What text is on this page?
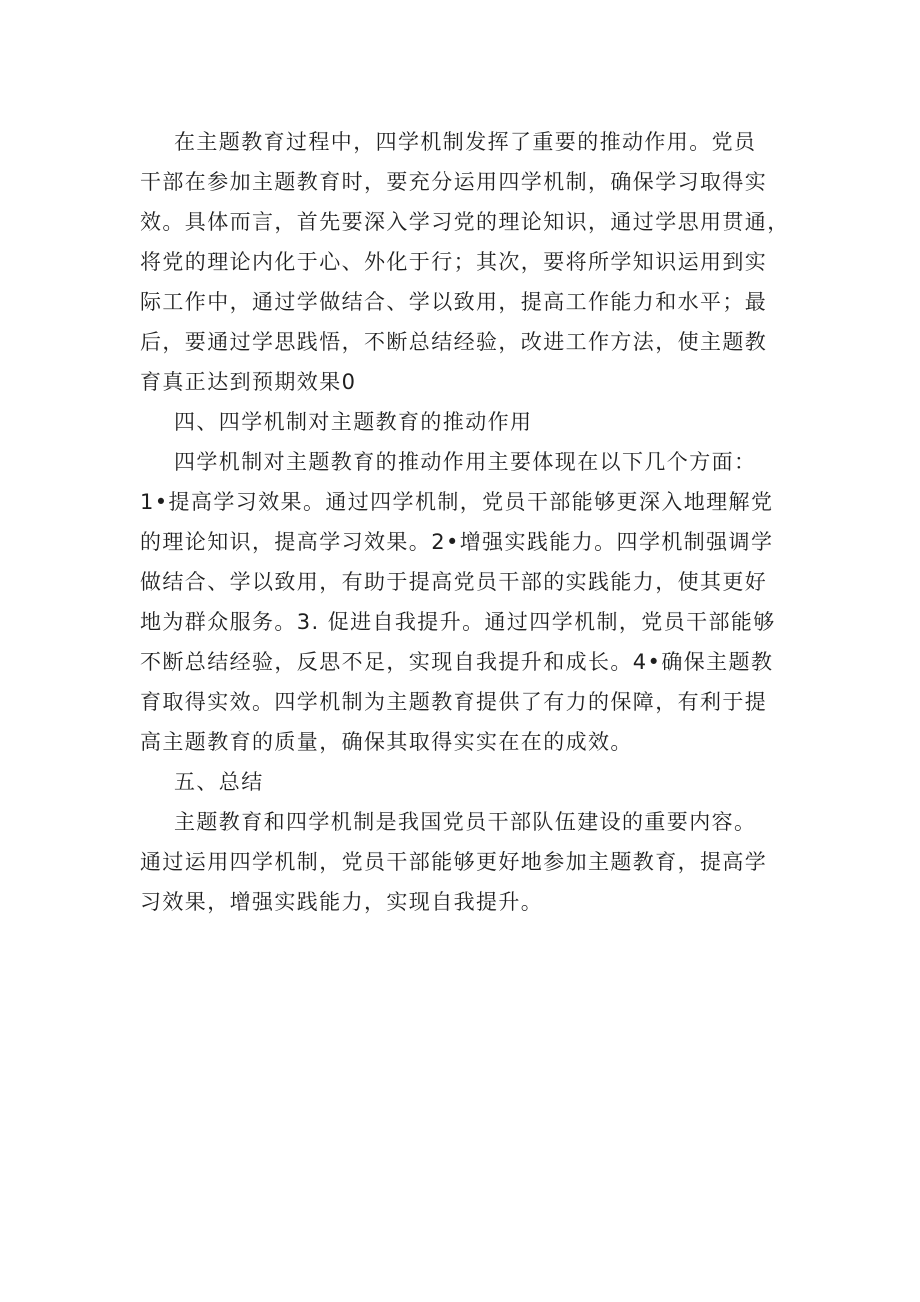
在主题教育过程中，四学机制发挥了重要的推动作用。党员
干部在参加主题教育时，要充分运用四学机制，确保学习取得实
效。具体而言，首先要深入学习党的理论知识，通过学思用贯通，
将党的理论内化于心、外化于行；其次，要将所学知识运用到实
际工作中，通过学做结合、学以致用，提高工作能力和水平；最
后，要通过学思践悟，不断总结经验，改进工作方法，使主题教
育真正达到预期效果0
四、四学机制对主题教育的推动作用
四学机制对主题教育的推动作用主要体现在以下几个方面：
1•提高学习效果。通过四学机制，党员干部能够更深入地理解党
的理论知识，提高学习效果。2•增强实践能力。四学机制强调学
做结合、学以致用，有助于提高党员干部的实践能力，使其更好
地为群众服务。3. 促进自我提升。通过四学机制，党员干部能够
不断总结经验，反思不足，实现自我提升和成长。4•确保主题教
育取得实效。四学机制为主题教育提供了有力的保障，有利于提
高主题教育的质量，确保其取得实实在在的成效。
五、总结
主题教育和四学机制是我国党员干部队伍建设的重要内容。
通过运用四学机制，党员干部能够更好地参加主题教育，提高学
习效果，增强实践能力，实现自我提升。
